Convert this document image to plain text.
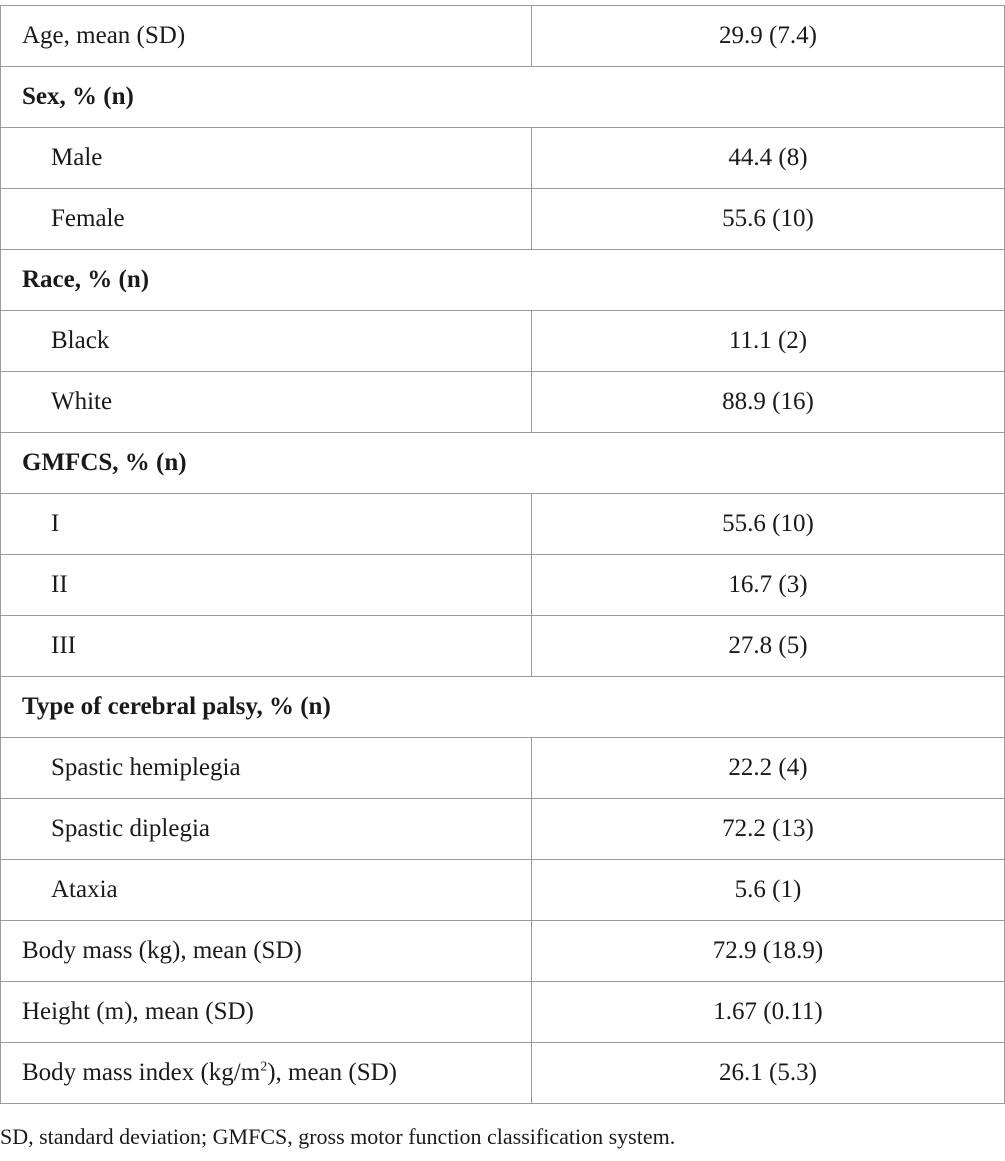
Age, mean (SD)	29.9 (7.4)
Sex, % (n)	
Male	44.4 (8)
Female	55.6 (10)
Race, % (n)	
Black	11.1 (2)
White	88.9 (16)
GMFCS, % (n)	
I	55.6 (10)
II	16.7 (3)
III	27.8 (5)
Type of cerebral palsy, % (n)	
Spastic hemiplegia	22.2 (4)
Spastic diplegia	72.2 (13)
Ataxia	5.6 (1)
Body mass (kg), mean (SD)	72.9 (18.9)
Height (m), mean (SD)	1.67 (0.11)
Body mass index $(kg/m^2)$, mean (SD)	26.1 (5.3)
SD, standard deviation; GMFCS, gross motor function classification system.
